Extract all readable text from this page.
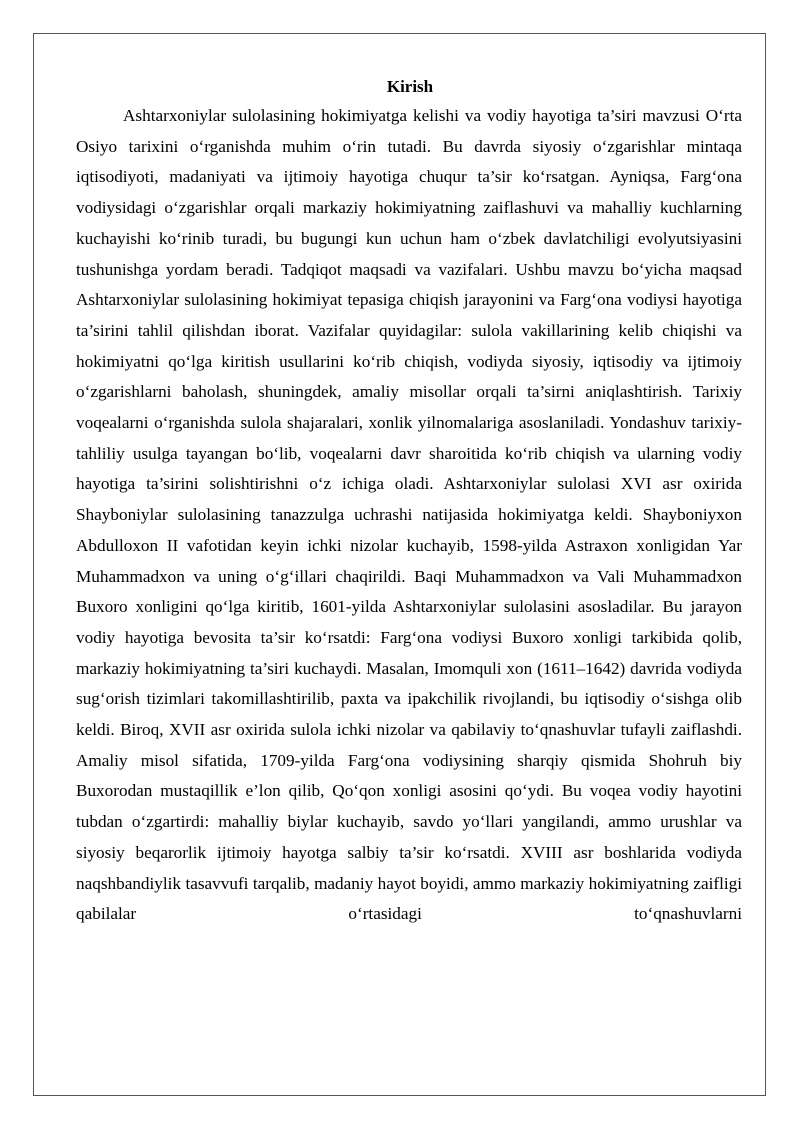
Kirish

Ashtarxoniylar sulolasining hokimiyatga kelishi va vodiy hayotiga ta’siri mavzusi O‘rta Osiyo tarixini o‘rganishda muhim o‘rin tutadi. Bu davrda siyosiy o‘zgarishlar mintaqa iqtisodiyoti, madaniyati va ijtimoiy hayotiga chuqur ta’sir ko‘rsatgan. Ayniqsa, Farg‘ona vodiysidagi o‘zgarishlar orqali markaziy hokimiyatning zaiflashuvi va mahalliy kuchlarning kuchayishi ko‘rinib turadi, bu bugungi kun uchun ham o‘zbek davlatchiligi evolyutsiyasini tushunishga yordam beradi. Tadqiqot maqsadi va vazifalari. Ushbu mavzu bo‘yicha maqsad Ashtarxoniylar sulolasining hokimiyat tepasiga chiqish jarayonini va Farg‘ona vodiysi hayotiga ta’sirini tahlil qilishdan iborat. Vazifalar quyidagilar: sulola vakillarining kelib chiqishi va hokimiyatni qo‘lga kiritish usullarini ko‘rib chiqish, vodiyda siyosiy, iqtisodiy va ijtimoiy o‘zgarishlarni baholash, shuningdek, amaliy misollar orqali ta’sirni aniqlashtirish. Tarixiy voqealarni o‘rganishda sulola shajaralari, xonlik yilnomalariga asoslaniladi. Yondashuv tarixiy-tahliliy usulga tayangan bo‘lib, voqealarni davr sharoitida ko‘rib chiqish va ularning vodiy hayotiga ta’sirini solishtirishni o‘z ichiga oladi. Ashtarxoniylar sulolasi XVI asr oxirida Shayboniylar sulolasining tanazzulga uchrashi natijasida hokimiyatga keldi. Shayboniyxon Abdulloxon II vafotidan keyin ichki nizolar kuchayib, 1598-yilda Astraxon xonligidan Yar Muhammadxon va uning o‘g‘illari chaqirildi. Baqi Muhammadxon va Vali Muhammadxon Buxoro xonligini qo‘lga kiritib, 1601-yilda Ashtarxoniylar sulolasini asosladilar. Bu jarayon vodiy hayotiga bevosita ta’sir ko‘rsatdi: Farg‘ona vodiysi Buxoro xonligi tarkibida qolib, markaziy hokimiyatning ta’siri kuchaydi. Masalan, Imomquli xon (1611–1642) davrida vodiyda sug‘orish tizimlari takomillashtirilib, paxta va ipakchilik rivojlandi, bu iqtisodiy o‘sishga olib keldi. Biroq, XVII asr oxirida sulola ichki nizolar va qabilaviy to‘qnashuvlar tufayli zaiflashdi. Amaliy misol sifatida, 1709-yilda Farg‘ona vodiysining sharqiy qismida Shohruh biy Buxorodan mustaqillik e’lon qilib, Qo‘qon xonligi asosini qo‘ydi. Bu voqea vodiy hayotini tubdan o‘zgartirdi: mahalliy biylar kuchayib, savdo yo‘llari yangilandi, ammo urushlar va siyosiy beqarorlik ijtimoiy hayotga salbiy ta’sir ko‘rsatdi. XVIII asr boshlarida vodiyda naqshbandiylik tasavvufi tarqalib, madaniy hayot boyidi, ammo markaziy hokimiyatning zaifligi qabilalar o‘rtasidagi to‘qnashuvlarni
